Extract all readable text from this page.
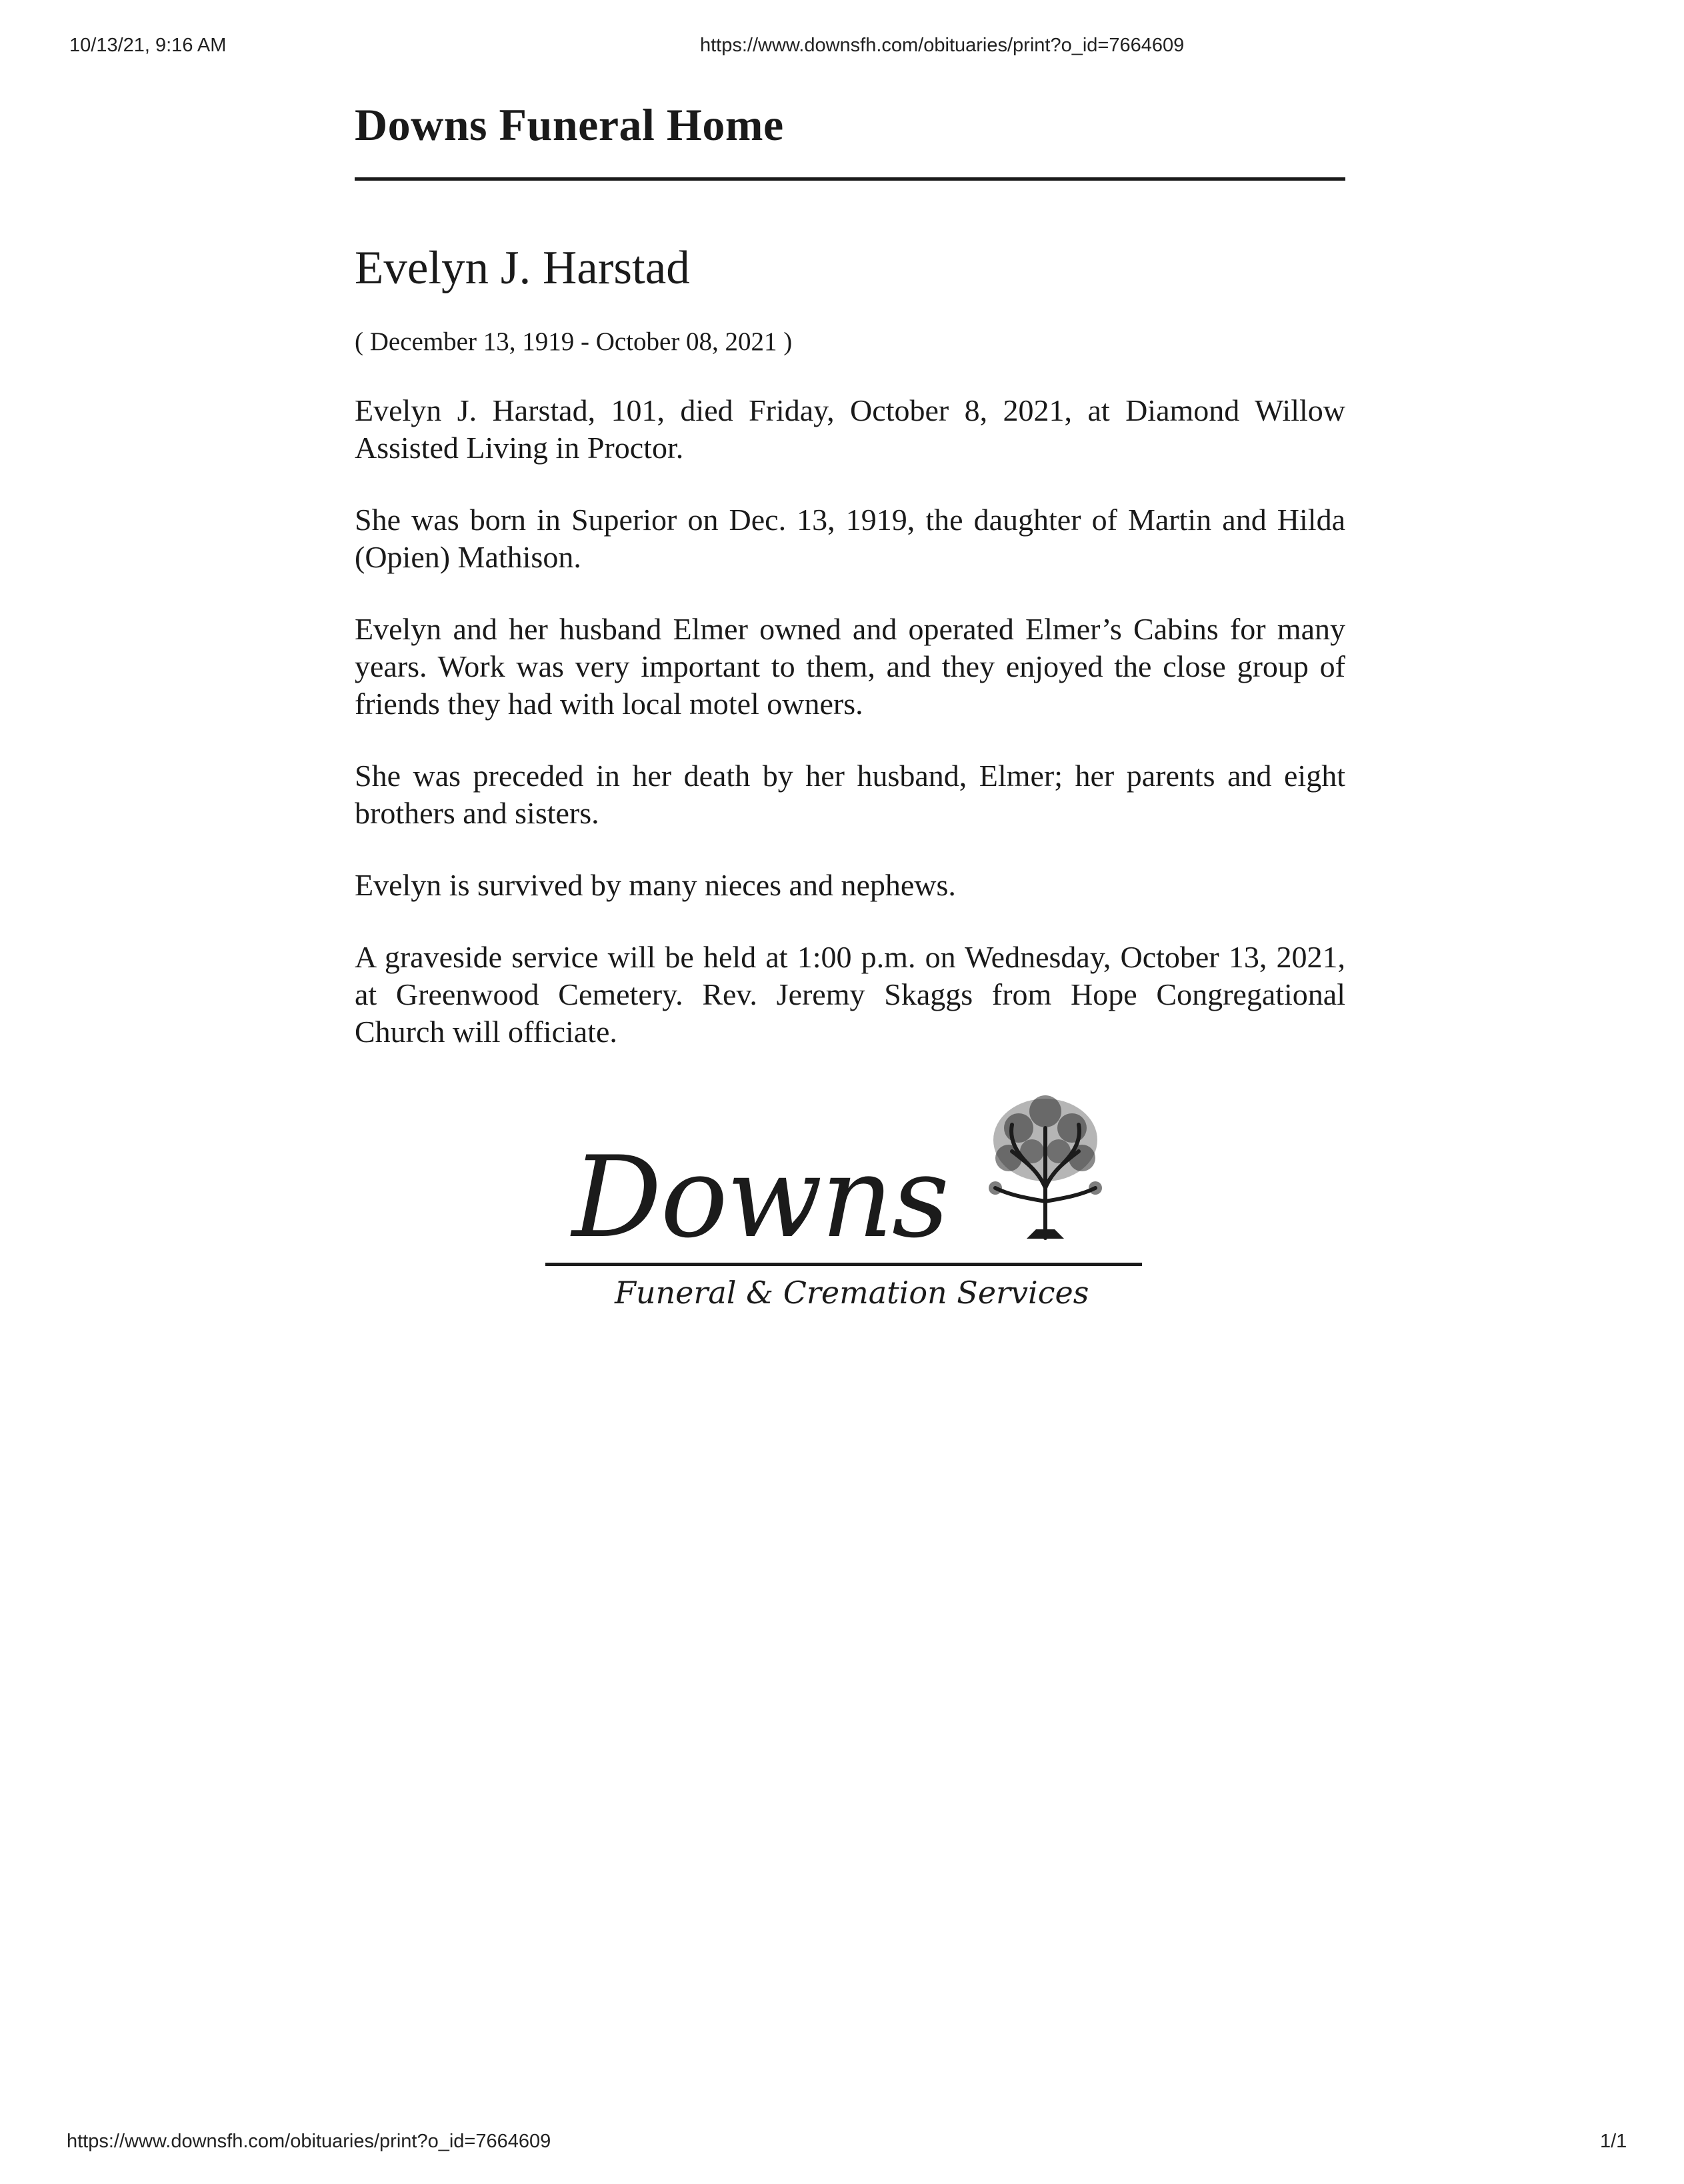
10/13/21, 9:16 AM	https://www.downsfh.com/obituaries/print?o_id=7664609
Downs Funeral Home
Evelyn J. Harstad
( December 13, 1919 - October 08, 2021 )

Evelyn J. Harstad, 101, died Friday, October 8, 2021, at Diamond Willow Assisted Living in Proctor.

She was born in Superior on Dec. 13, 1919, the daughter of Martin and Hilda (Opien) Mathison.

Evelyn and her husband Elmer owned and operated Elmer’s Cabins for many years. Work was very important to them, and they enjoyed the close group of friends they had with local motel owners.

She was preceded in her death by her husband, Elmer; her parents and eight brothers and sisters.

Evelyn is survived by many nieces and nephews.

A graveside service will be held at 1:00 p.m. on Wednesday, October 13, 2021, at Greenwood Cemetery. Rev. Jeremy Skaggs from Hope Congregational Church will officiate.

Downs
Funeral & Cremation Services
https://www.downsfh.com/obituaries/print?o_id=7664609	1/1
